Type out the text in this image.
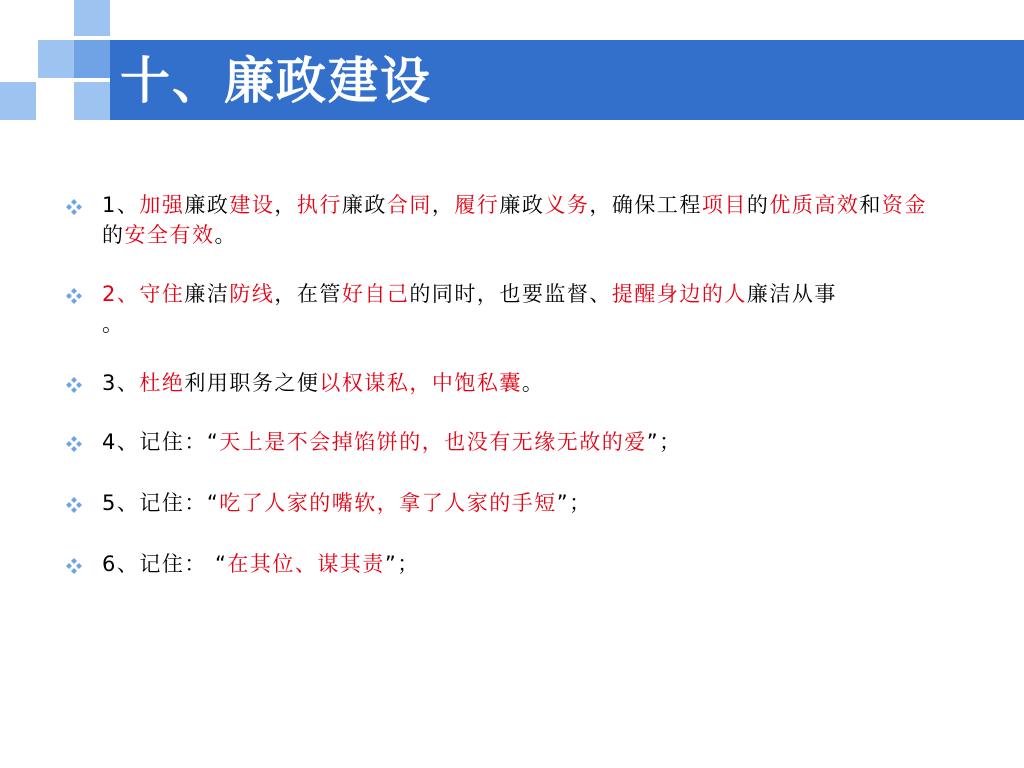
十、廉政建设
1、加强廉政建设，执行廉政合同，履行廉政义务，确保工程项目的优质高效和资金的安全有效。
2、守住廉洁防线，在管好自己的同时，也要监督、提醒身边的人廉洁从事
。
3、杜绝利用职务之便以权谋私，中饱私囊。
4、记住：“天上是不会掉馅饼的，也没有无缘无故的爱”；
5、记住：“吃了人家的嘴软，拿了人家的手短”；
6、记住： “在其位、谋其责”；
